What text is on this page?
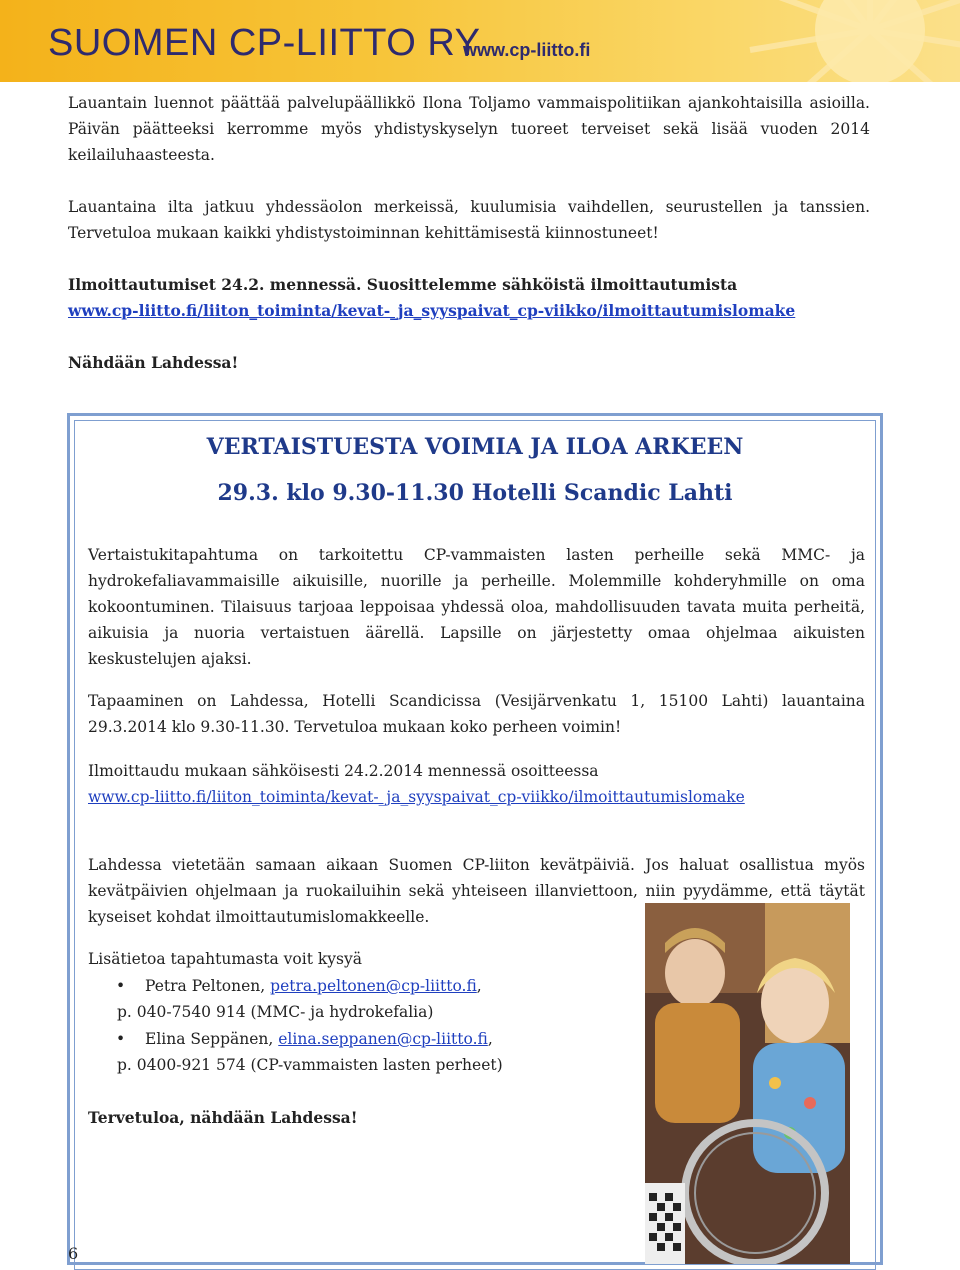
SUOMEN CP-LIITTO RY
www.cp-liitto.fi

Lauantain luennot päättää palvelupäällikkö Ilona Toljamo vammaispolitiikan ajankohtaisilla asioilla. Päivän päätteeksi kerromme myös yhdistyskyselyn tuoreet terveiset sekä lisää vuoden 2014 keilailuhaasteesta.

Lauantaina ilta jatkuu yhdessäolon merkeissä, kuulumisia vaihdellen, seurustellen ja tanssien. Tervetuloa mukaan kaikki yhdistystoiminnan kehittämisestä kiinnostuneet!

Ilmoittautumiset 24.2. mennessä. Suosittelemme sähköistä ilmoittautumista

www.cp-liitto.fi/liiton_toiminta/kevat-_ja_syyspaivat_cp-viikko/ilmoittautumislomake

Nähdään Lahdessa!

VERTAISTUESTA VOIMIA JA ILOA ARKEEN
29.3. klo 9.30-11.30 Hotelli Scandic Lahti

Vertaistukitapahtuma on tarkoitettu CP-vammaisten lasten perheille sekä MMC- ja hydrokefaliavammaisille aikuisille, nuorille ja perheille. Molemmille kohderyhmille on oma kokoontuminen. Tilaisuus tarjoaa leppoisaa yhdessä oloa, mahdollisuuden tavata muita perheitä, aikuisia ja nuoria vertaistuen äärellä. Lapsille on järjestetty omaa ohjelmaa aikuisten keskustelujen ajaksi.

Tapaaminen on Lahdessa, Hotelli Scandicissa (Vesijärvenkatu 1, 15100 Lahti) lauantaina 29.3.2014 klo 9.30-11.30. Tervetuloa mukaan koko perheen voimin!

Ilmoittaudu mukaan sähköisesti 24.2.2014 mennessä osoitteessa

www.cp-liitto.fi/liiton_toiminta/kevat-_ja_syyspaivat_cp-viikko/ilmoittautumislomake

Lahdessa vietetään samaan aikaan Suomen CP-liiton kevätpäiviä. Jos haluat osallistua myös kevätpäivien ohjelmaan ja ruokailuihin sekä yhteiseen illanviettoon, niin pyydämme, että täytät kyseiset kohdat ilmoittautumislomakkeelle.

Lisätietoa tapahtumasta voit kysyä

• Petra Peltonen, petra.peltonen@cp-liitto.fi,

p. 040-7540 914 (MMC- ja hydrokefalia)

• Elina Seppänen, elina.seppanen@cp-liitto.fi,

p. 0400-921 574 (CP-vammaisten lasten perheet)

Tervetuloa, nähdään Lahdessa!

6
